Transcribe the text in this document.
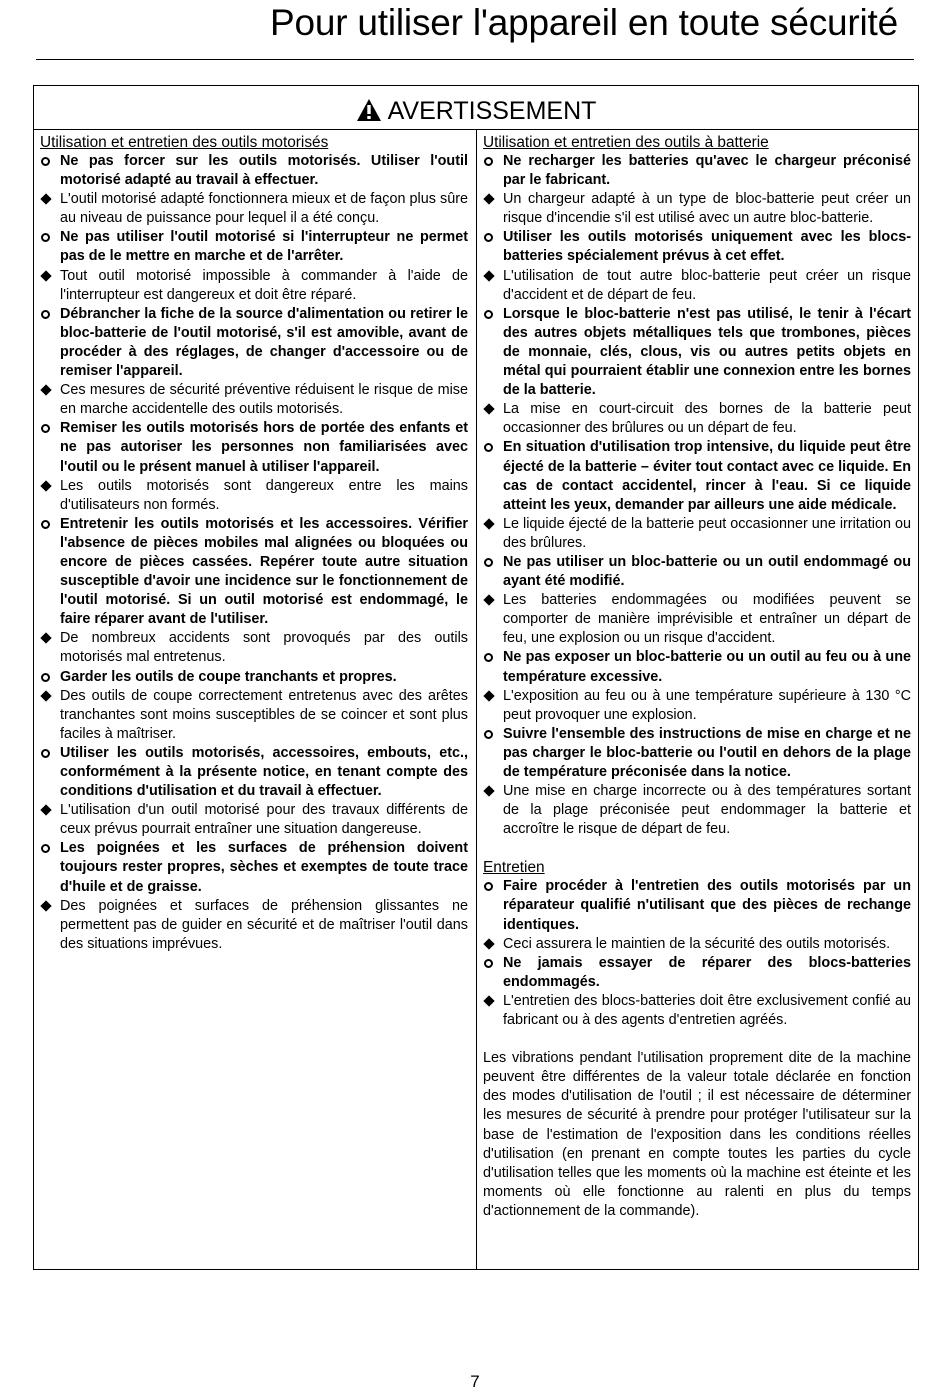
Pour utiliser l'appareil en toute sécurité
AVERTISSEMENT
Utilisation et entretien des outils motorisés
Ne pas forcer sur les outils motorisés. Utiliser l'outil motorisé adapté au travail à effectuer.
L'outil motorisé adapté fonctionnera mieux et de façon plus sûre au niveau de puissance pour lequel il a été conçu.
Ne pas utiliser l'outil motorisé si l'interrupteur ne permet pas de le mettre en marche et de l'arrêter.
Tout outil motorisé impossible à commander à l'aide de l'interrupteur est dangereux et doit être réparé.
Débrancher la fiche de la source d'alimentation ou retirer le bloc-batterie de l'outil motorisé, s'il est amovible, avant de procéder à des réglages, de changer d'accessoire ou de remiser l'appareil.
Ces mesures de sécurité préventive réduisent le risque de mise en marche accidentelle des outils motorisés.
Remiser les outils motorisés hors de portée des enfants et ne pas autoriser les personnes non familiarisées avec l'outil ou le présent manuel à utiliser l'appareil.
Les outils motorisés sont dangereux entre les mains d'utilisateurs non formés.
Entretenir les outils motorisés et les accessoires. Vérifier l'absence de pièces mobiles mal alignées ou bloquées ou encore de pièces cassées. Repérer toute autre situation susceptible d'avoir une incidence sur le fonctionnement de l'outil motorisé. Si un outil motorisé est endommagé, le faire réparer avant de l'utiliser.
De nombreux accidents sont provoqués par des outils motorisés mal entretenus.
Garder les outils de coupe tranchants et propres.
Des outils de coupe correctement entretenus avec des arêtes tranchantes sont moins susceptibles de se coincer et sont plus faciles à maîtriser.
Utiliser les outils motorisés, accessoires, embouts, etc., conformément à la présente notice, en tenant compte des conditions d'utilisation et du travail à effectuer.
L'utilisation d'un outil motorisé pour des travaux différents de ceux prévus pourrait entraîner une situation dangereuse.
Les poignées et les surfaces de préhension doivent toujours rester propres, sèches et exemptes de toute trace d'huile et de graisse.
Des poignées et surfaces de préhension glissantes ne permettent pas de guider en sécurité et de maîtriser l'outil dans des situations imprévues.
Utilisation et entretien des outils à batterie
Ne recharger les batteries qu'avec le chargeur préconisé par le fabricant.
Un chargeur adapté à un type de bloc-batterie peut créer un risque d'incendie s'il est utilisé avec un autre bloc-batterie.
Utiliser les outils motorisés uniquement avec les blocs-batteries spécialement prévus à cet effet.
L'utilisation de tout autre bloc-batterie peut créer un risque d'accident et de départ de feu.
Lorsque le bloc-batterie n'est pas utilisé, le tenir à l'écart des autres objets métalliques tels que trombones, pièces de monnaie, clés, clous, vis ou autres petits objets en métal qui pourraient établir une connexion entre les bornes de la batterie.
La mise en court-circuit des bornes de la batterie peut occasionner des brûlures ou un départ de feu.
En situation d'utilisation trop intensive, du liquide peut être éjecté de la batterie – éviter tout contact avec ce liquide. En cas de contact accidentel, rincer à l'eau. Si ce liquide atteint les yeux, demander par ailleurs une aide médicale.
Le liquide éjecté de la batterie peut occasionner une irritation ou des brûlures.
Ne pas utiliser un bloc-batterie ou un outil endommagé ou ayant été modifié.
Les batteries endommagées ou modifiées peuvent se comporter de manière imprévisible et entraîner un départ de feu, une explosion ou un risque d'accident.
Ne pas exposer un bloc-batterie ou un outil au feu ou à une température excessive.
L'exposition au feu ou à une température supérieure à 130 °C peut provoquer une explosion.
Suivre l'ensemble des instructions de mise en charge et ne pas charger le bloc-batterie ou l'outil en dehors de la plage de température préconisée dans la notice.
Une mise en charge incorrecte ou à des températures sortant de la plage préconisée peut endommager la batterie et accroître le risque de départ de feu.
Entretien
Faire procéder à l'entretien des outils motorisés par un réparateur qualifié n'utilisant que des pièces de rechange identiques.
Ceci assurera le maintien de la sécurité des outils motorisés.
Ne jamais essayer de réparer des blocs-batteries endommagés.
L'entretien des blocs-batteries doit être exclusivement confié au fabricant ou à des agents d'entretien agréés.
Les vibrations pendant l'utilisation proprement dite de la machine peuvent être différentes de la valeur totale déclarée en fonction des modes d'utilisation de l'outil ; il est nécessaire de déterminer les mesures de sécurité à prendre pour protéger l'utilisateur sur la base de l'estimation de l'exposition dans les conditions réelles d'utilisation (en prenant en compte toutes les parties du cycle d'utilisation telles que les moments où la machine est éteinte et les moments où elle fonctionne au ralenti en plus du temps d'actionnement de la commande).
7
